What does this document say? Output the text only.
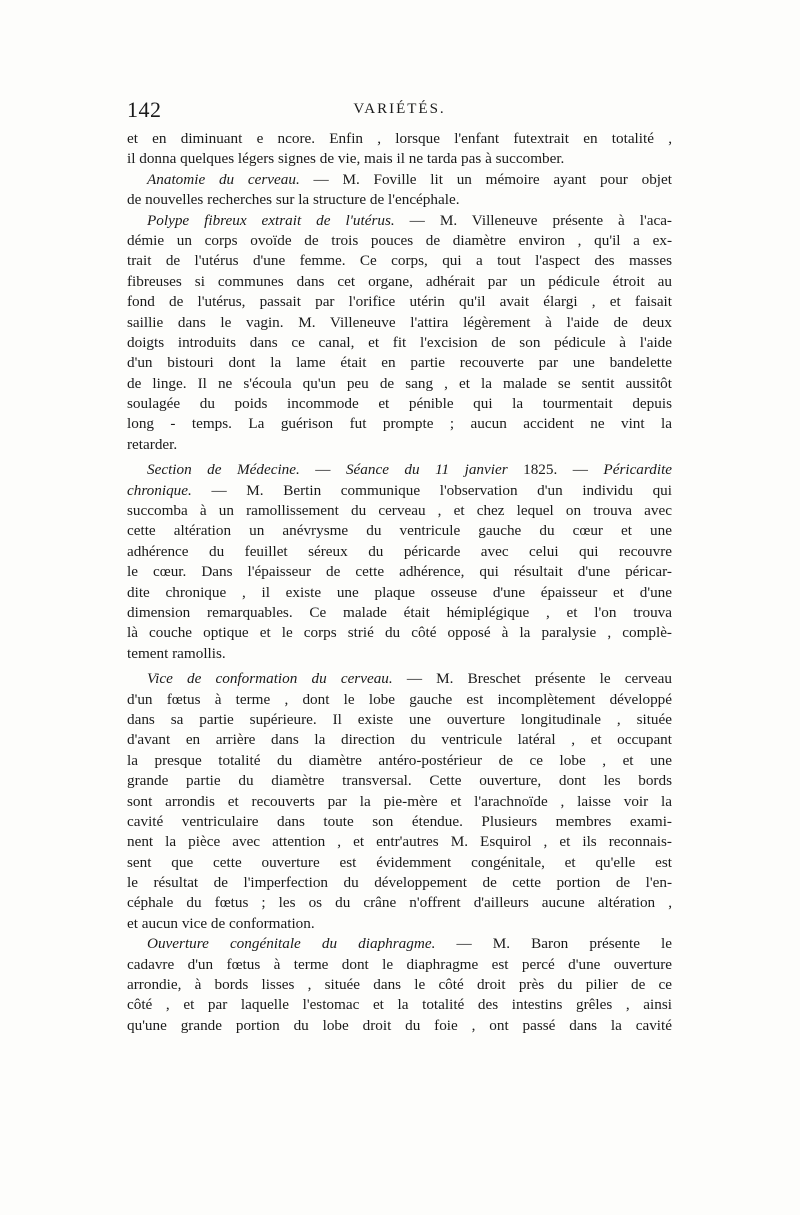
142	VARIÉTÉS.
et en diminuant e ncore. Enfin , lorsque l'enfant futextrait en totalité ,
il donna quelques légers signes de vie, mais il ne tarda pas à succomber.
Anatomie du cerveau. — M. Foville lit un mémoire ayant pour objet
de nouvelles recherches sur la structure de l'encéphale.
Polype fibreux extrait de l'utérus. — M. Villeneuve présente à l'aca-
démie un corps ovoïde de trois pouces de diamètre environ , qu'il a ex-
trait de l'utérus d'une femme. Ce corps, qui a tout l'aspect des masses
fibreuses si communes dans cet organe, adhérait par un pédicule étroit au
fond de l'utérus, passait par l'orifice utérin qu'il avait élargi , et faisait
saillie dans le vagin. M. Villeneuve l'attira légèrement à l'aide de deux
doigts introduits dans ce canal, et fit l'excision de son pédicule à l'aide
d'un bistouri dont la lame était en partie recouverte par une bandelette
de linge. Il ne s'écoula qu'un peu de sang , et la malade se sentit aussitôt
soulagée du poids incommode et pénible qui la tourmentait depuis
long - temps. La guérison fut prompte ; aucun accident ne vint la
retarder.
Section de Médecine. — Séance du 11 janvier 1825. — Péricardite
chronique. — M. Bertin communique l'observation d'un individu qui
succomba à un ramollissement du cerveau , et chez lequel on trouva avec
cette altération un anévrysme du ventricule gauche du cœur et une
adhérence du feuillet séreux du péricarde avec celui qui recouvre
le cœur. Dans l'épaisseur de cette adhérence, qui résultait d'une péricar-
dite chronique , il existe une plaque osseuse d'une épaisseur et d'une
dimension remarquables. Ce malade était hémiplégique , et l'on trouva
là couche optique et le corps strié du côté opposé à la paralysie , complè-
tement ramollis.
Vice de conformation du cerveau. — M. Breschet présente le cerveau
d'un fœtus à terme , dont le lobe gauche est incomplètement développé
dans sa partie supérieure. Il existe une ouverture longitudinale , située
d'avant en arrière dans la direction du ventricule latéral , et occupant
la presque totalité du diamètre antéro-postérieur de ce lobe , et une
grande partie du diamètre transversal. Cette ouverture, dont les bords
sont arrondis et recouverts par la pie-mère et l'arachnoïde , laisse voir la
cavité ventriculaire dans toute son étendue. Plusieurs membres exami-
nent la pièce avec attention , et entr'autres M. Esquirol , et ils reconnais-
sent que cette ouverture est évidemment congénitale, et qu'elle est
le résultat de l'imperfection du développement de cette portion de l'en-
céphale du fœtus ; les os du crâne n'offrent d'ailleurs aucune altération ,
et aucun vice de conformation.
Ouverture congénitale du diaphragme. — M. Baron présente le
cadavre d'un fœtus à terme dont le diaphragme est percé d'une ouverture
arrondie, à bords lisses , située dans le côté droit près du pilier de ce
côté , et par laquelle l'estomac et la totalité des intestins grêles , ainsi
qu'une grande portion du lobe droit du foie , ont passé dans la cavité
